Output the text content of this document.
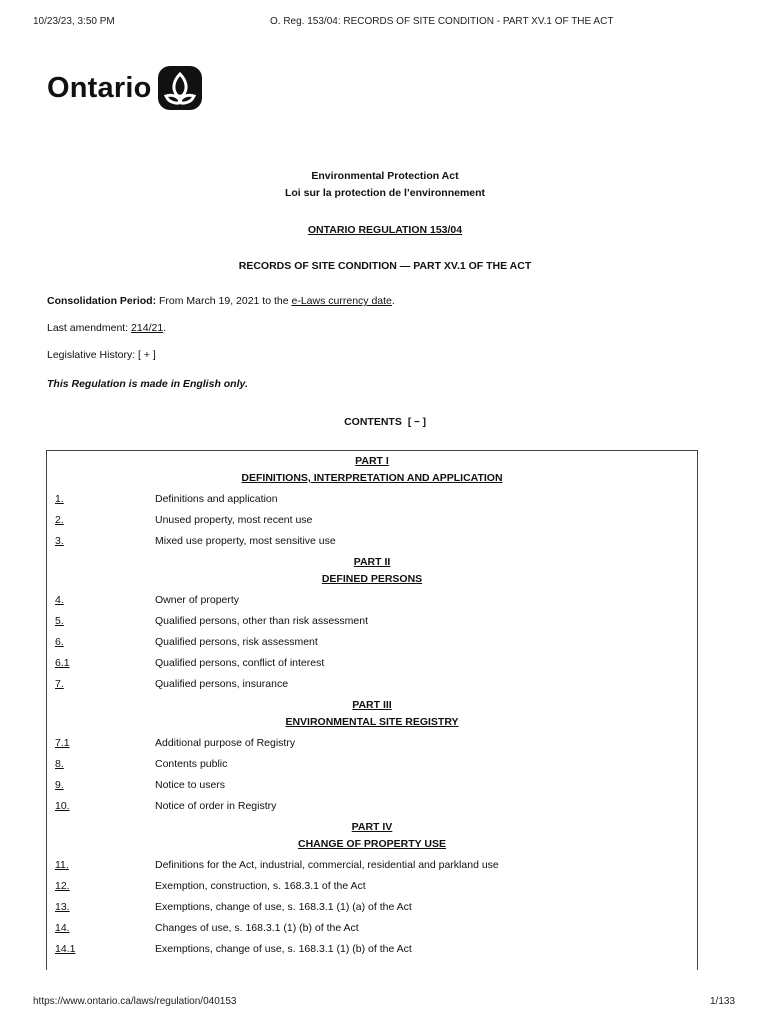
10/23/23, 3:50 PM	O. Reg. 153/04: RECORDS OF SITE CONDITION - PART XV.1 OF THE ACT
Ontario
Environmental Protection Act
Loi sur la protection de l’environnement
ONTARIO REGULATION 153/04
RECORDS OF SITE CONDITION — PART XV.1 OF THE ACT
Consolidation Period: From March 19, 2021 to the e-Laws currency date.
Last amendment: 214/21.
Legislative History: [ + ]
This Regulation is made in English only.
CONTENTS [ − ]
PART I
DEFINITIONS, INTERPRETATION AND APPLICATION
1.	Definitions and application
2.	Unused property, most recent use
3.	Mixed use property, most sensitive use
PART II
DEFINED PERSONS
4.	Owner of property
5.	Qualified persons, other than risk assessment
6.	Qualified persons, risk assessment
6.1	Qualified persons, conflict of interest
7.	Qualified persons, insurance
PART III
ENVIRONMENTAL SITE REGISTRY
7.1	Additional purpose of Registry
8.	Contents public
9.	Notice to users
10.	Notice of order in Registry
PART IV
CHANGE OF PROPERTY USE
11.	Definitions for the Act, industrial, commercial, residential and parkland use
12.	Exemption, construction, s. 168.3.1 of the Act
13.	Exemptions, change of use, s. 168.3.1 (1) (a) of the Act
14.	Changes of use, s. 168.3.1 (1) (b) of the Act
14.1	Exemptions, change of use, s. 168.3.1 (1) (b) of the Act
https://www.ontario.ca/laws/regulation/040153	1/133
